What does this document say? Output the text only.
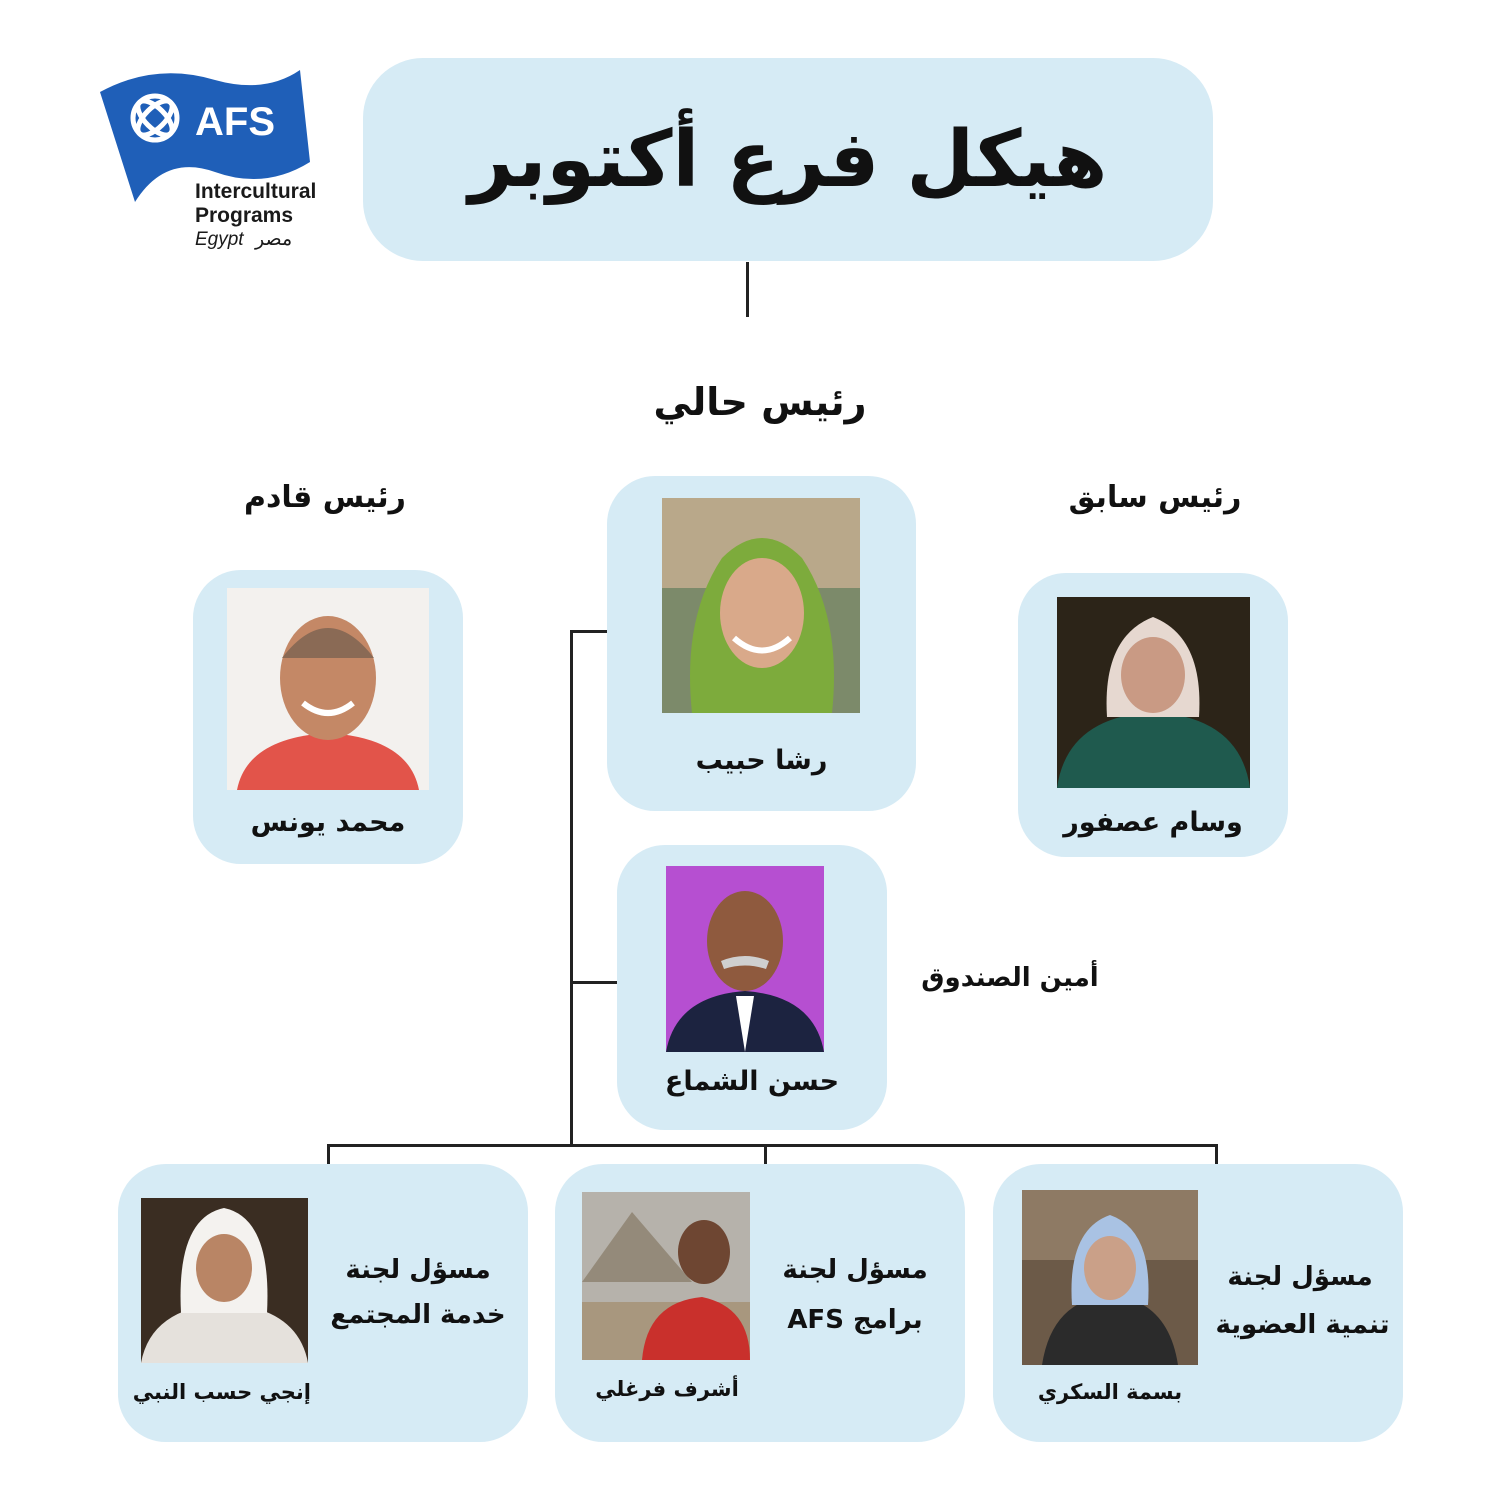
AFS
Intercultural
Programs
Egypt مصر
هيكل فرع أكتوبر
رئيس حالي
رشا حبيب
رئيس قادم
محمد يونس
رئيس سابق
وسام عصفور
أمين الصندوق
حسن الشماع
مسؤل لجنة
خدمة المجتمع
إنجي حسب النبي
مسؤل لجنة
برامج AFS
أشرف فرغلي
مسؤل لجنة
تنمية العضوية
بسمة السكري
